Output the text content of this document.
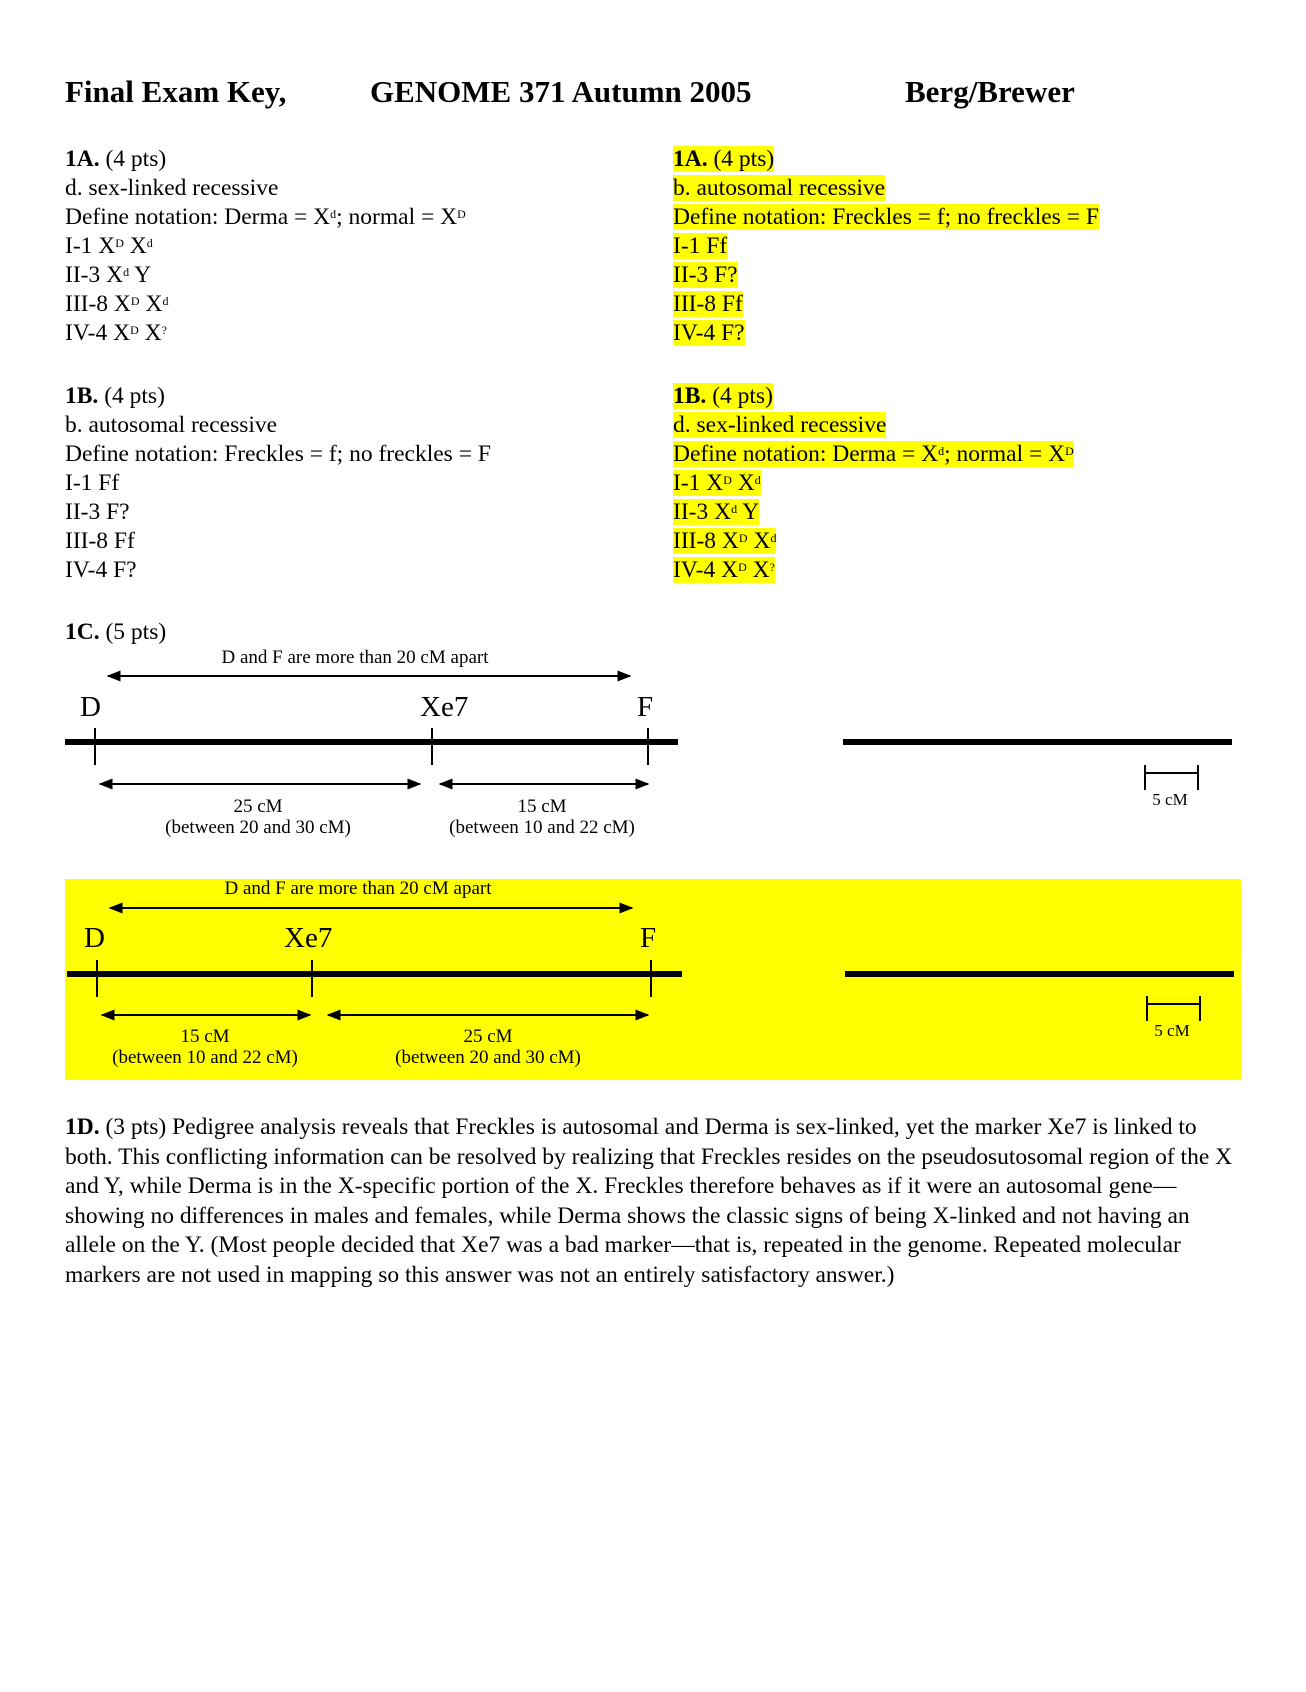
Final Exam Key,	GENOME 371 Autumn 2005	Berg/Brewer
1A. (4 pts)
d. sex-linked recessive
Define notation: Derma = $X^d$; normal = $X^D$
I-1 $X^D$ $X^d$
II-3 $X^d$ Y
III-8 $X^D$ $X^d$
IV-4 $X^D$ X?
1B. (4 pts)
b. autosomal recessive
Define notation: Freckles = f; no freckles = F
I-1 Ff
II-3 F?
III-8 Ff
IV-4 F?
1A. (4 pts)
b. autosomal recessive
Define notation: Freckles = f; no freckles = F
I-1 Ff
II-3 F?
III-8 Ff
IV-4 F?
1B. (4 pts)
d. sex-linked recessive
Define notation: Derma = $X^d$; normal = $X^D$
I-1 $X^D$ $X^d$
II-3 $X^d$ Y
III-8 $X^D$ $X^d$
IV-4 $X^D$ X?
1C. (5 pts)
D and F are more than 20 cM apart
D	Xe7	F
25 cM
(between 20 and 30 cM)
15 cM
(between 10 and 22 cM)
5 cM
D and F are more than 20 cM apart
D	Xe7	F
15 cM
(between 10 and 22 cM)
25 cM
(between 20 and 30 cM)
5 cM
1D. (3 pts) Pedigree analysis reveals that Freckles is autosomal and Derma is sex-linked, yet the marker Xe7 is linked to both. This conflicting information can be resolved by realizing that Freckles resides on the pseudosutosomal region of the X and Y, while Derma is in the X-specific portion of the X. Freckles therefore behaves as if it were an autosomal gene—showing no differences in males and females, while Derma shows the classic signs of being X-linked and not having an allele on the Y. (Most people decided that Xe7 was a bad marker—that is, repeated in the genome. Repeated molecular markers are not used in mapping so this answer was not an entirely satisfactory answer.)
